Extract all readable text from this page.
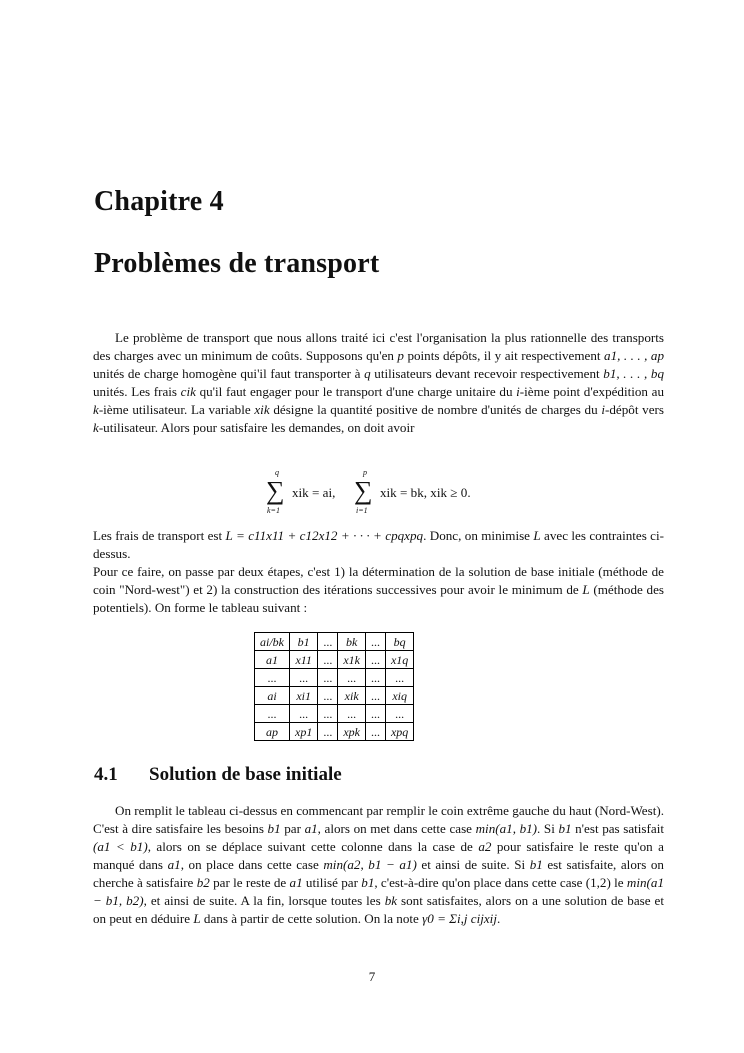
Chapitre 4
Problèmes de transport

Le problème de transport que nous allons traité ici c'est l'organisation la plus rationnelle des transports des charges avec un minimum de coûts. Supposons qu'en p points dépôts, il y ait respectivement a1, . . . , ap unités de charge homogène qui'il faut transporter à q utilisateurs devant recevoir respectivement b1, . . . , bq unités. Les frais cik qu'il faut engager pour le transport d'une charge unitaire du i-ième point d'expédition au k-ième utilisateur. La variable xik désigne la quantité positive de nombre d'unités de charges du i-dépôt vers k-utilisateur. Alors pour satisfaire les demandes, on doit avoir

q
∑
k=1
xik = ai,
p
∑
i=1
xik = bk, xik ≥ 0.

Les frais de transport est L = c11x11 + c12x12 + · · · + cpqxpq. Donc, on minimise L avec les contraintes ci-dessus.
Pour ce faire, on passe par deux étapes, c'est 1) la détermination de la solution de base initiale (méthode de coin "Nord-west") et 2) la construction des itérations successives pour avoir le minimum de L (méthode des potentiels). On forme le tableau suivant :

ai/bk	b1	...	bk	...	bq
a1	x11	...	x1k	...	x1q
...	...	...	...	...	...
ai	xi1	...	xik	...	xiq
...	...	...	...	...	...
ap	xp1	...	xpk	...	xpq
4.1 Solution de base initiale

On remplit le tableau ci-dessus en commencant par remplir le coin extrême gauche du haut (Nord-West). C'est à dire satisfaire les besoins b1 par a1, alors on met dans cette case min(a1, b1). Si b1 n'est pas satisfait (a1 < b1), alors on se déplace suivant cette colonne dans la case de a2 pour satisfaire le reste qu'on a manqué dans a1, on place dans cette case min(a2, b1 − a1) et ainsi de suite. Si b1 est satisfaite, alors on cherche à satisfaire b2 par le reste de a1 utilisé par b1, c'est-à-dire qu'on place dans cette case (1,2) le min(a1 − b1, b2), et ainsi de suite. A la fin, lorsque toutes les bk sont satisfaites, alors on a une solution de base et on peut en déduire L dans à partir de cette solution. On la note γ0 = Σi,j cijxij.

7
